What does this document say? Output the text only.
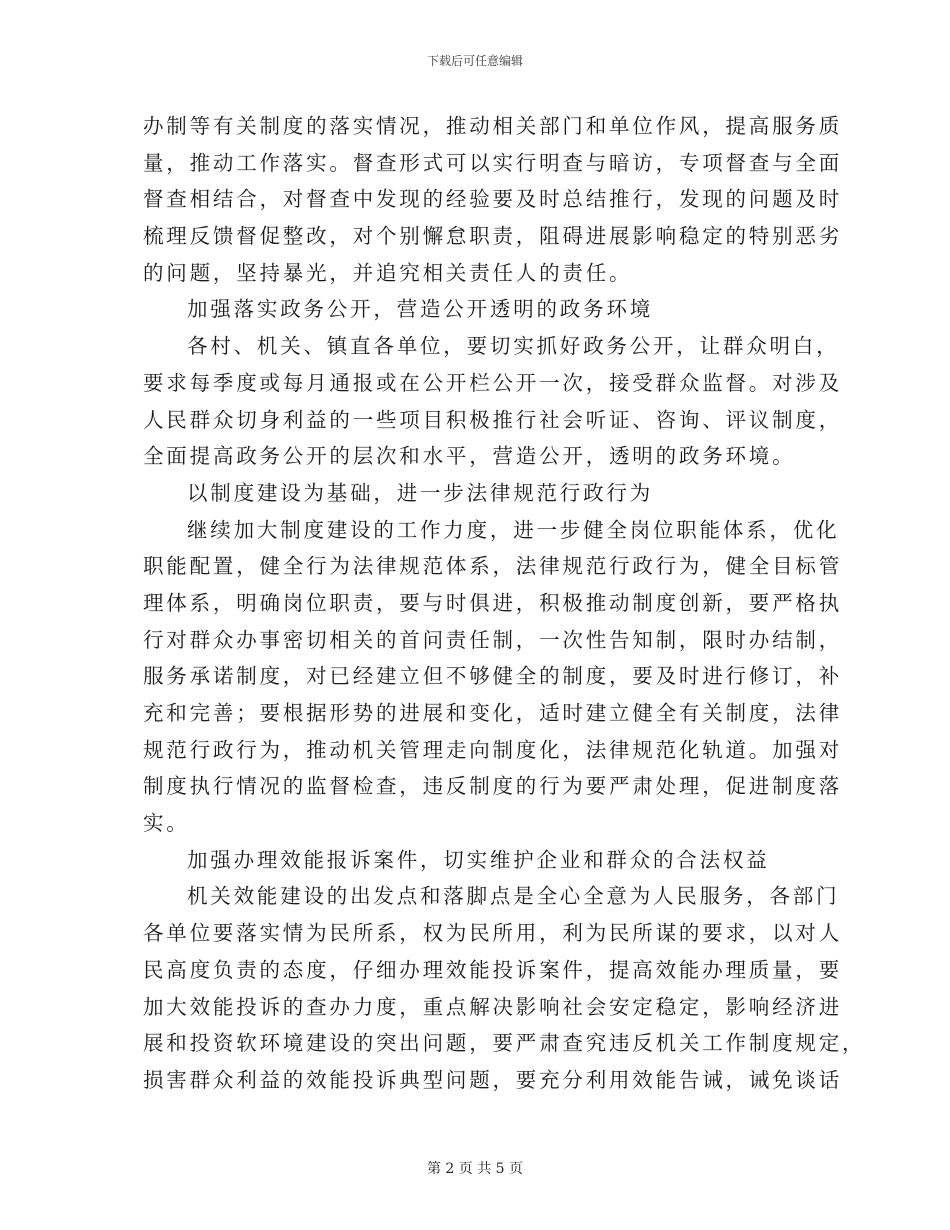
下载后可任意编辑
办制等有关制度的落实情况，推动相关部门和单位作风，提高服务质
量，推动工作落实。督查形式可以实行明查与暗访，专项督查与全面
督查相结合，对督查中发现的经验要及时总结推行，发现的问题及时
梳理反馈督促整改，对个别懈怠职责，阻碍进展影响稳定的特别恶劣
的问题，坚持暴光，并追究相关责任人的责任。
加强落实政务公开，营造公开透明的政务环境
各村、机关、镇直各单位，要切实抓好政务公开，让群众明白，
要求每季度或每月通报或在公开栏公开一次，接受群众监督。对涉及
人民群众切身利益的一些项目积极推行社会听证、咨询、评议制度，
全面提高政务公开的层次和水平，营造公开，透明的政务环境。
以制度建设为基础，进一步法律规范行政行为
继续加大制度建设的工作力度，进一步健全岗位职能体系，优化
职能配置，健全行为法律规范体系，法律规范行政行为，健全目标管
理体系，明确岗位职责，要与时俱进，积极推动制度创新，要严格执
行对群众办事密切相关的首问责任制，一次性告知制，限时办结制，
服务承诺制度，对已经建立但不够健全的制度，要及时进行修订，补
充和完善；要根据形势的进展和变化，适时建立健全有关制度，法律
规范行政行为，推动机关管理走向制度化，法律规范化轨道。加强对
制度执行情况的监督检查，违反制度的行为要严肃处理，促进制度落
实。
加强办理效能报诉案件，切实维护企业和群众的合法权益
机关效能建设的出发点和落脚点是全心全意为人民服务，各部门
各单位要落实情为民所系，权为民所用，利为民所谋的要求，以对人
民高度负责的态度，仔细办理效能投诉案件，提高效能办理质量，要
加大效能投诉的查办力度，重点解决影响社会安定稳定，影响经济进
展和投资软环境建设的突出问题，要严肃查究违反机关工作制度规定，
损害群众利益的效能投诉典型问题，要充分利用效能告诫，诫免谈话
第 2 页 共 5 页
